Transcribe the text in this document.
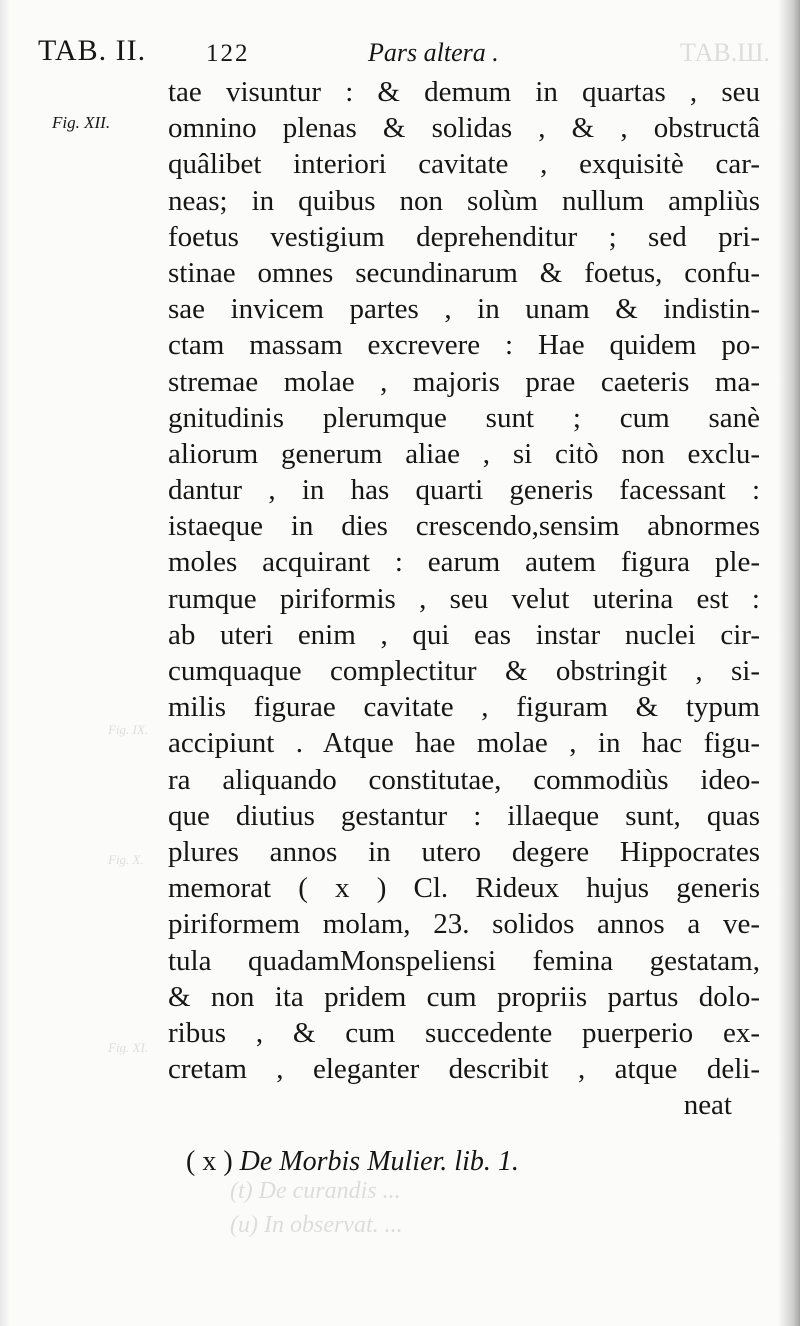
ТАВ.Ш.
Fig. IX.
Fig. X.
Fig. XI.
(t) De curandis ...
(u) In observat. ...
TAB. II. 122	Pars altera .
Fig. XII.
tae visuntur : & demum in quartas , seu
omnino plenas & solidas , & , obstructâ
quâlibet interiori cavitate , exquisitè car-
neas; in quibus non solùm nullum ampliùs
foetus vestigium deprehenditur ; sed pri-
stinae omnes secundinarum & foetus, confu-
sae invicem partes , in unam & indistin-
ctam massam excrevere : Hae quidem po-
stremae molae , majoris prae caeteris ma-
gnitudinis plerumque sunt ; cum sanè
aliorum generum aliae , si citò non exclu-
dantur , in has quarti generis facessant :
istaeque in dies crescendo,sensim abnormes
moles acquirant : earum autem figura ple-
rumque piriformis , seu velut uterina est :
ab uteri enim , qui eas instar nuclei cir-
cumquaque complectitur & obstringit , si-
milis figurae cavitate , figuram & typum
accipiunt . Atque hae molae , in hac figu-
ra aliquando constitutae, commodiùs ideo-
que diutius gestantur : illaeque sunt, quas
plures annos in utero degere Hippocrates
memorat ( x ) Cl. Rideux hujus generis
piriformem molam, 23. solidos annos a ve-
tula quadamMonspeliensi femina gestatam,
& non ita pridem cum propriis partus dolo-
ribus , & cum succedente puerperio ex-
cretam , eleganter describit , atque deli-
neat
( x ) De Morbis Mulier. lib. 1.
